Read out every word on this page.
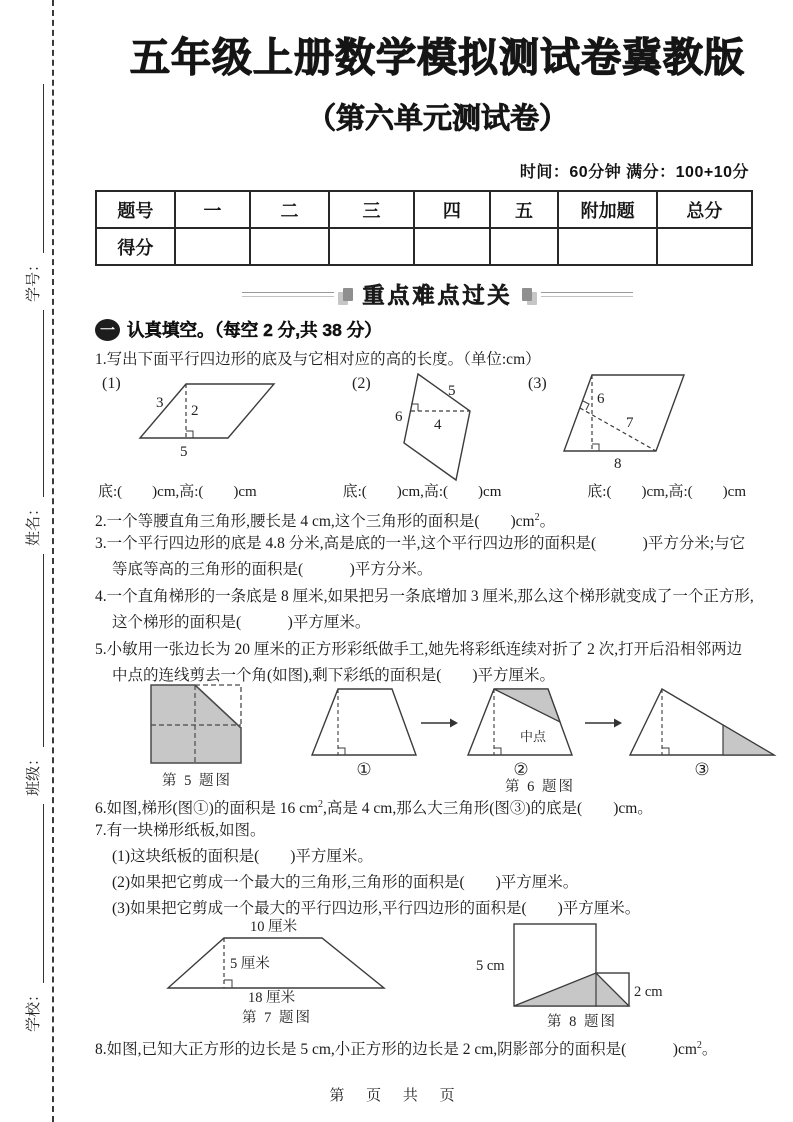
学号：
姓名：
班级：
学校：
五年级上册数学模拟测试卷冀教版
（第六单元测试卷）
时间：60分钟 满分：100+10分
题号	一	二	三	四	五	附加题	总分
得分							
重点难点过关
一 认真填空。（每空 2 分,共 38 分）
1.写出下面平行四边形的底及与它相对应的高的长度。（单位:cm）
(1)
3 2
5
(2)	5
6 4
(3)
6
7
8
底:(　　)cm,高:(　　)cm	底:(　　)cm,高:(　　)cm	底:(　　)cm,高:(　　)cm
2.一个等腰直角三角形,腰长是 4 cm,这个三角形的面积是(　　)$cm^2$。
3.一个平行四边形的底是 4.8 分米,高是底的一半,这个平行四边形的面积是(　　　)平方分米;与它等底等高的三角形的面积是(　　　)平方分米。
4.一个直角梯形的一条底是 8 厘米,如果把另一条底增加 3 厘米,那么这个梯形就变成了一个正方形,这个梯形的面积是(　　　)平方厘米。
5.小敏用一张边长为 20 厘米的正方形彩纸做手工,她先将彩纸连续对折了 2 次,打开后沿相邻两边中点的连线剪去一个角(如图),剩下彩纸的面积是(　　)平方厘米。
第 5 题图
①
中点
②	③
第 6 题图
6.如图,梯形(图①)的面积是 16 $cm^2$,高是 4 cm,那么大三角形(图③)的底是(　　)cm。
7.有一块梯形纸板,如图。
(1)这块纸板的面积是(　　)平方厘米。
(2)如果把它剪成一个最大的三角形,三角形的面积是(　　)平方厘米。
(3)如果把它剪成一个最大的平行四边形,平行四边形的面积是(　　)平方厘米。
10 厘米
5 厘米
18 厘米
第 7 题图
5 cm
2 cm
第 8 题图
8.如图,已知大正方形的边长是 5 cm,小正方形的边长是 2 cm,阴影部分的面积是(　　　)$cm^2$。
第 页 共 页
